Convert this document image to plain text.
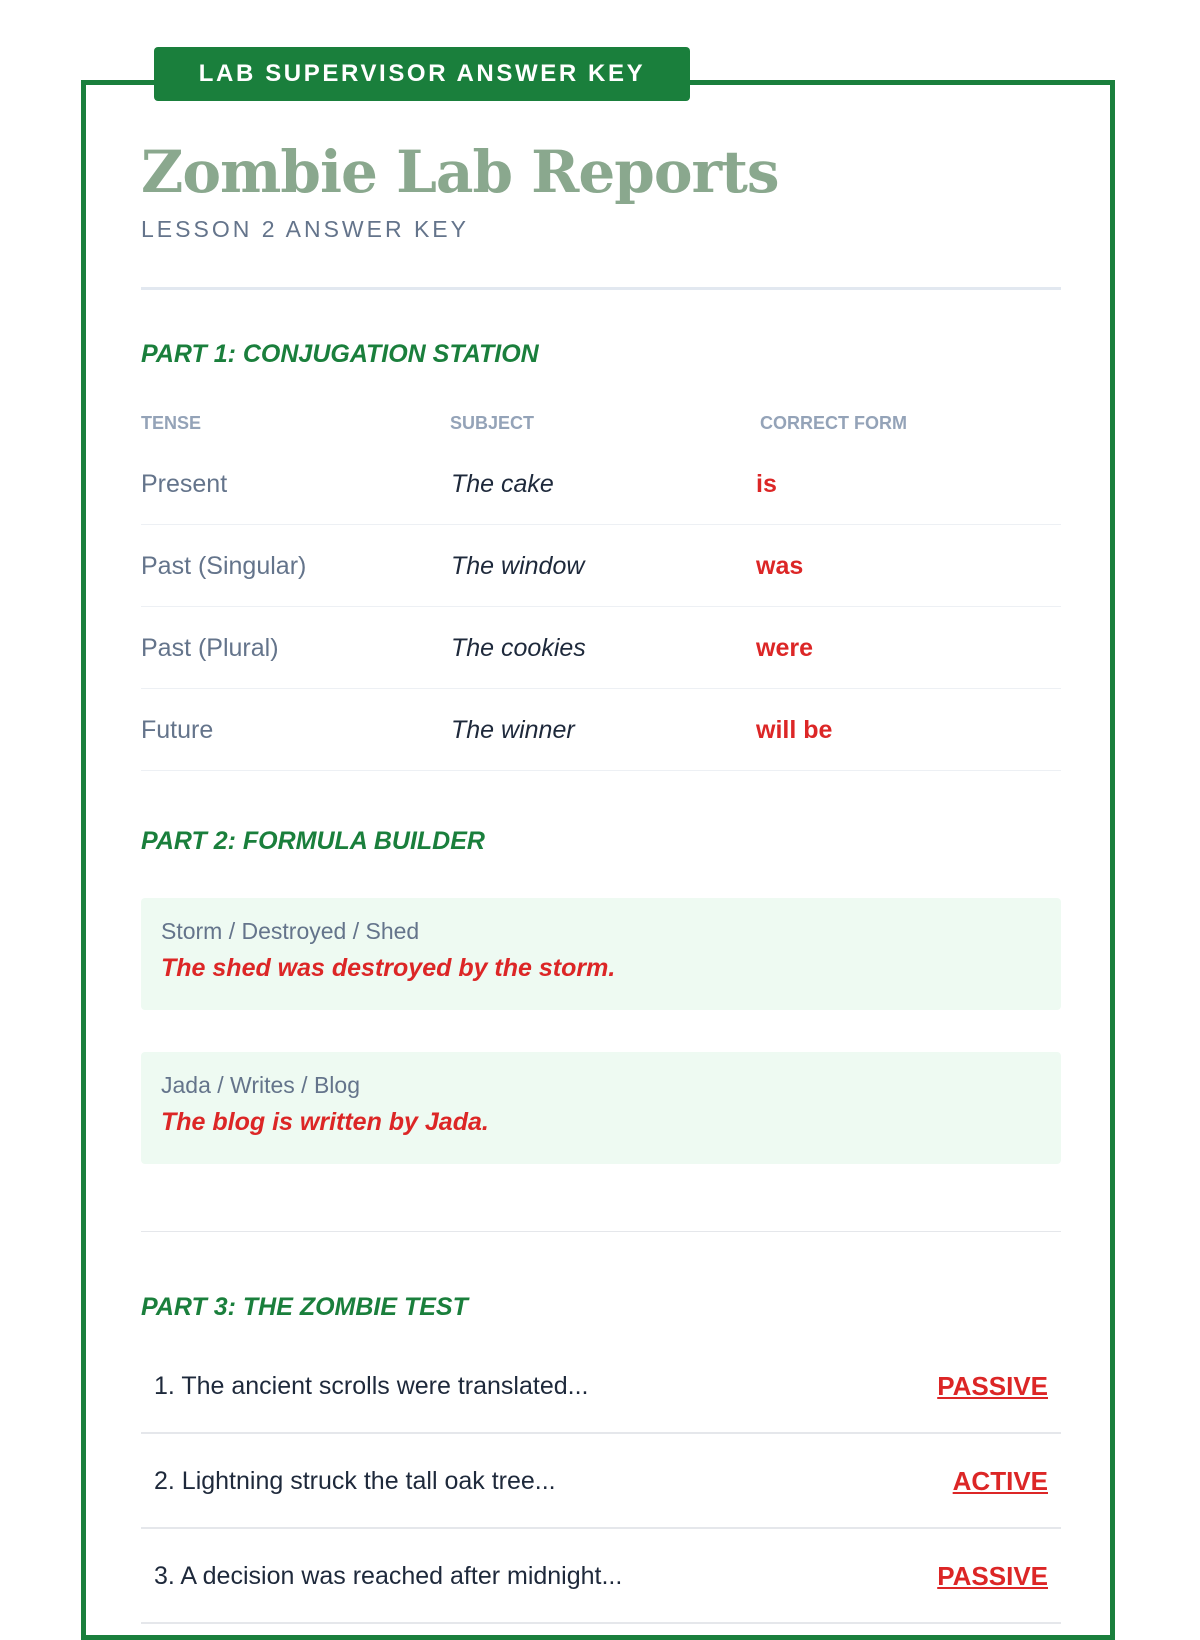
LAB SUPERVISOR ANSWER KEY
Zombie Lab Reports
LESSON 2 ANSWER KEY
PART 1: CONJUGATION STATION
TENSE	SUBJECT	CORRECT FORM
Present	The cake	is
Past (Singular)	The window	was
Past (Plural)	The cookies	were
Future	The winner	will be
PART 2: FORMULA BUILDER
Storm / Destroyed / Shed
The shed was destroyed by the storm.
Jada / Writes / Blog
The blog is written by Jada.
PART 3: THE ZOMBIE TEST
1. The ancient scrolls were translated...	PASSIVE
2. Lightning struck the tall oak tree...	ACTIVE
3. A decision was reached after midnight...	PASSIVE
